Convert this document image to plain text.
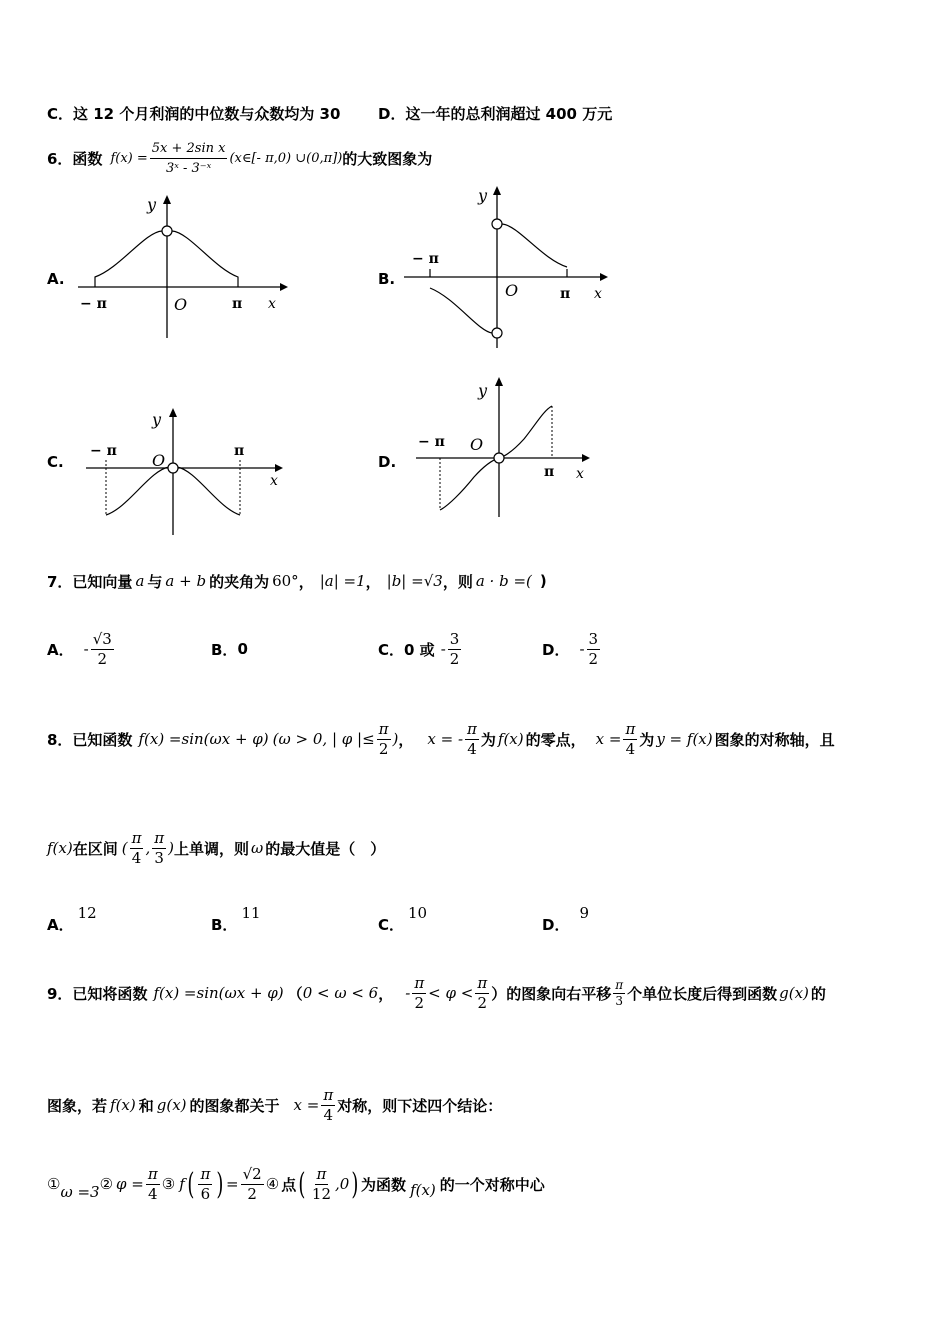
C．这 12 个月利润的中位数与众数均为 30	D．这一年的总利润超过 400 万元
6．函数 $f(x) = \frac{\text{5x + 2sin x}}{\text{3ˣ - 3⁻ˣ}}$ (x∈[- π,0) ∪(0,π]) 的大致图象为
A.
− π	π
O	x
y
B.
− π
π
O	x
y
C.
− π	π
O
x
y
D.
− π
π
O
x
y
7．已知向量 a 与 a + b 的夹角为 60° ， |a| =1 ， |b| =√3 ，则 a · b =( )
A． - $\frac{√3}{2}$	B． 0	C． 0 或 - $\frac{3}{2}$	D． - $\frac{3}{2}$
8．已知函数 f(x) =sin(ωx + φ) (ω > 0, | φ |≤ $\frac{\pi}{2}$ ) ， x = - $\frac{\pi}{4}$ 为 f(x) 的零点， $x = \frac{\pi}{4}$ 为 y = f(x) 图象的对称轴，且
f(x) 在区间 ( $\frac{\pi}{4}$ , $\frac{\pi}{3}$ ) 上单调，则 ω 的最大值是（　）
A．12
B．11
C．10
D．9
9．已知将函数 f(x) =sin(ωx + φ) （ 0 < ω < 6 ， - $\frac{\pi}{2} < \varphi < \frac{\pi}{2}$ ）的图象向右平移 $\frac{\pi}{3}$ 个单位长度后得到函数 g(x) 的
图象，若 f(x) 和 g(x) 的图象都关于 $x = \frac{\pi}{4}$ 对称，则下述四个结论：
① ω =3 ② $\varphi = \frac{\pi}{4}$ ③ f ( $\frac{\pi}{6}$ ) = $\frac{√2}{2}$ ④ 点 ( $\frac{\pi}{12} ,0$ ) 为函数 f(x) 的一个对称中心
